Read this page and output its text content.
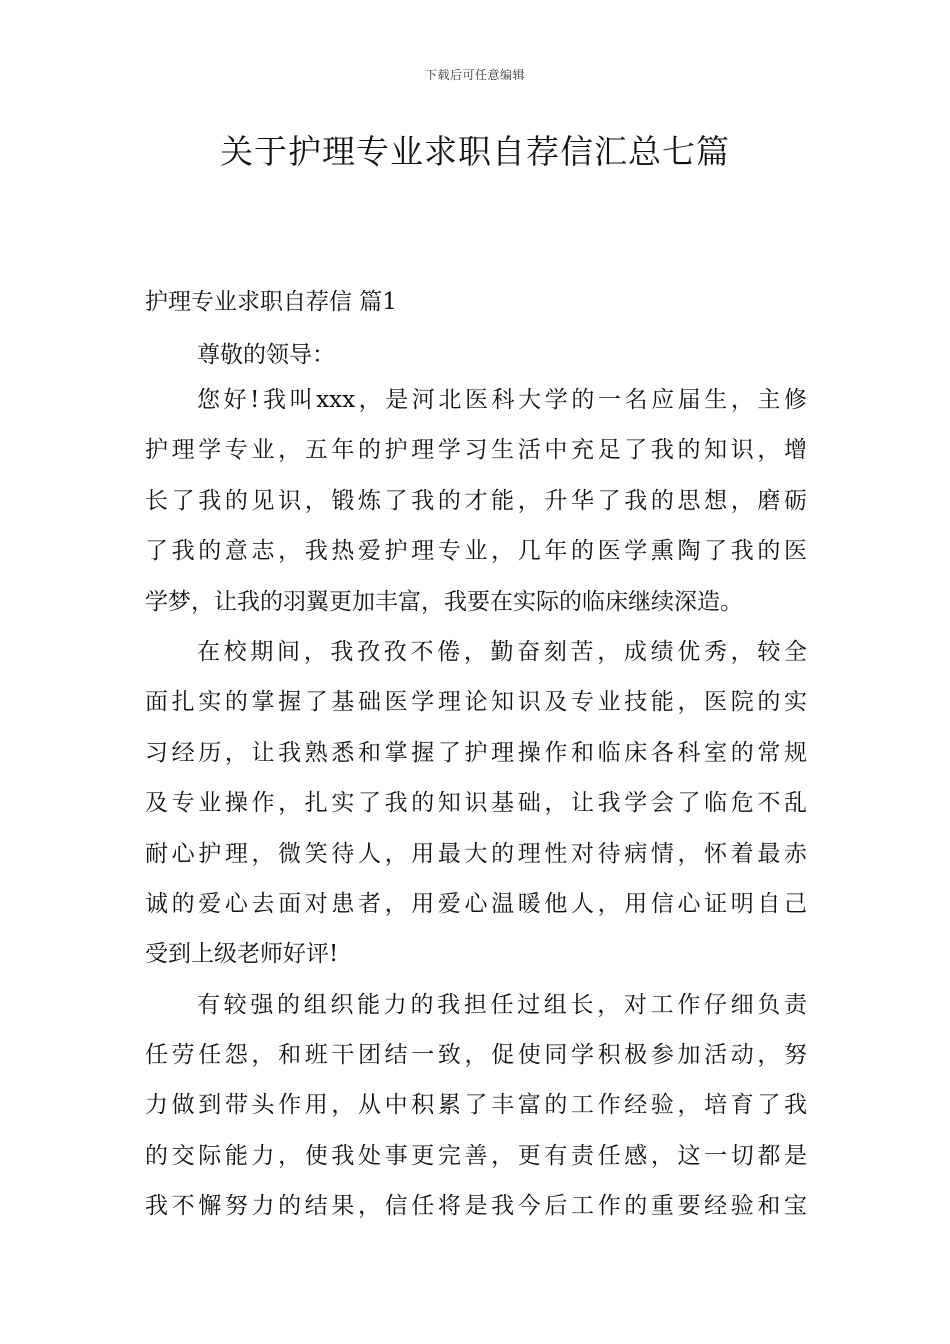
下载后可任意编辑
关于护理专业求职自荐信汇总七篇
护理专业求职自荐信 篇1

尊敬的领导：

您好!我叫xxx，是河北医科大学的一名应届生，主修
护理学专业，五年的护理学习生活中充足了我的知识，增
长了我的见识，锻炼了我的才能，升华了我的思想，磨砺
了我的意志，我热爱护理专业，几年的医学熏陶了我的医
学梦，让我的羽翼更加丰富，我要在实际的临床继续深造。
在校期间，我孜孜不倦，勤奋刻苦，成绩优秀，较全
面扎实的掌握了基础医学理论知识及专业技能，医院的实
习经历，让我熟悉和掌握了护理操作和临床各科室的常规
及专业操作，扎实了我的知识基础，让我学会了临危不乱
耐心护理，微笑待人，用最大的理性对待病情，怀着最赤
诚的爱心去面对患者，用爱心温暖他人，用信心证明自己
受到上级老师好评!
有较强的组织能力的我担任过组长，对工作仔细负责
任劳任怨，和班干团结一致，促使同学积极参加活动，努
力做到带头作用，从中积累了丰富的工作经验，培育了我
的交际能力，使我处事更完善，更有责任感，这一切都是
我不懈努力的结果，信任将是我今后工作的重要经验和宝
